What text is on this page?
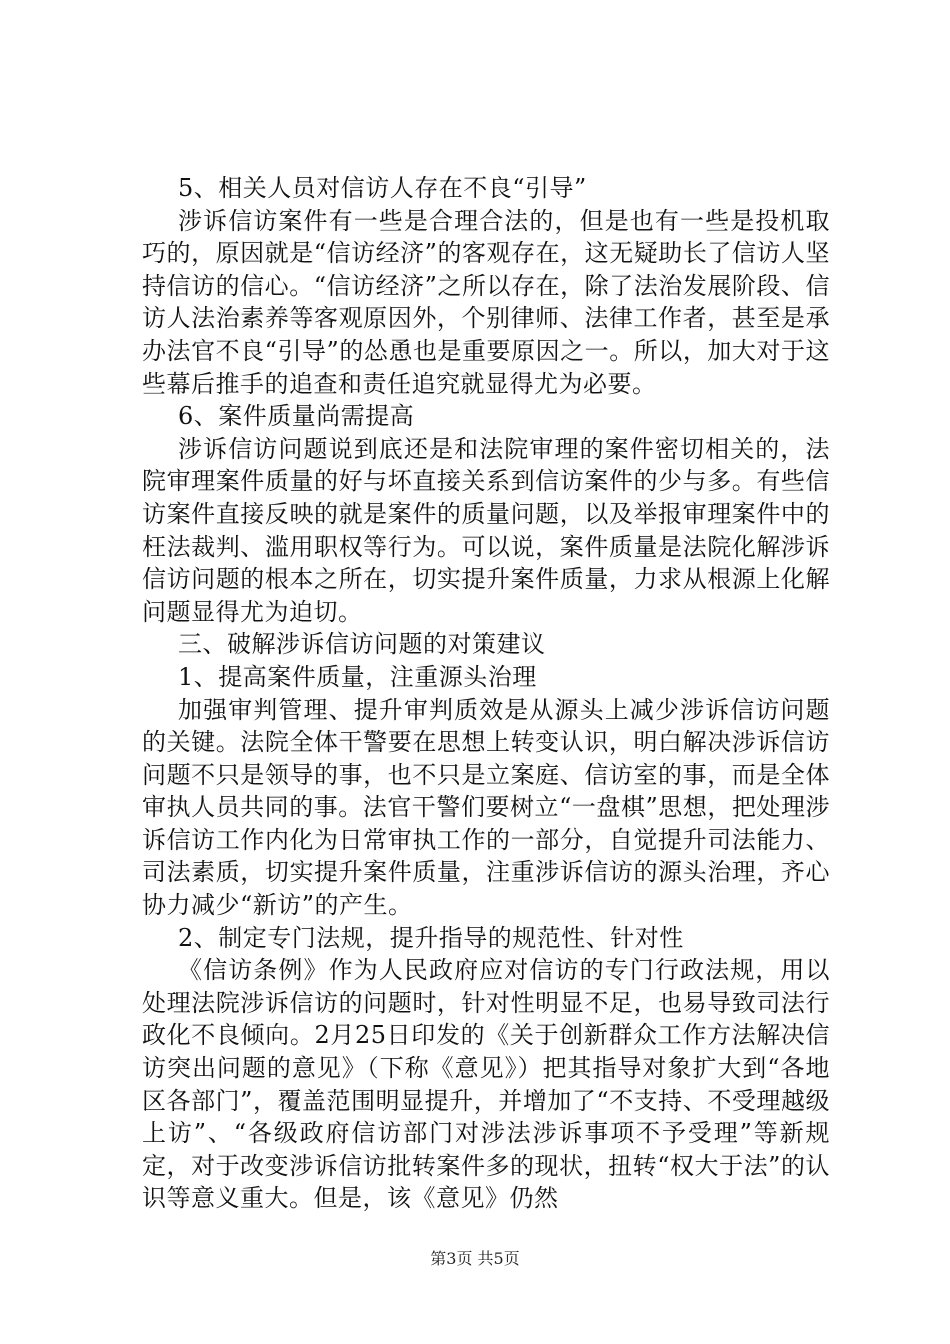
5、相关人员对信访人存在不良“引导”

涉诉信访案件有一些是合理合法的，但是也有一些是投机取巧的，原因就是“信访经济”的客观存在，这无疑助长了信访人坚持信访的信心。“信访经济”之所以存在，除了法治发展阶段、信访人法治素养等客观原因外，个别律师、法律工作者，甚至是承办法官不良“引导”的怂恿也是重要原因之一。所以，加大对于这些幕后推手的追查和责任追究就显得尤为必要。

6、案件质量尚需提高

涉诉信访问题说到底还是和法院审理的案件密切相关的，法院审理案件质量的好与坏直接关系到信访案件的少与多。有些信访案件直接反映的就是案件的质量问题，以及举报审理案件中的枉法裁判、滥用职权等行为。可以说，案件质量是法院化解涉诉信访问题的根本之所在，切实提升案件质量，力求从根源上化解问题显得尤为迫切。

三、破解涉诉信访问题的对策建议

1、提高案件质量，注重源头治理

加强审判管理、提升审判质效是从源头上减少涉诉信访问题的关键。法院全体干警要在思想上转变认识，明白解决涉诉信访问题不只是领导的事，也不只是立案庭、信访室的事，而是全体审执人员共同的事。法官干警们要树立“一盘棋”思想，把处理涉诉信访工作内化为日常审执工作的一部分，自觉提升司法能力、司法素质，切实提升案件质量，注重涉诉信访的源头治理，齐心协力减少“新访”的产生。

2、制定专门法规，提升指导的规范性、针对性

《信访条例》作为人民政府应对信访的专门行政法规，用以处理法院涉诉信访的问题时，针对性明显不足，也易导致司法行政化不良倾向。2月25日印发的《关于创新群众工作方法解决信访突出问题的意见》（下称《意见》）把其指导对象扩大到“各地区各部门”，覆盖范围明显提升，并增加了“不支持、不受理越级上访”、“各级政府信访部门对涉法涉诉事项不予受理”等新规定，对于改变涉诉信访批转案件多的现状，扭转“权大于法”的认识等意义重大。但是，该《意见》仍然

第3页 共5页
